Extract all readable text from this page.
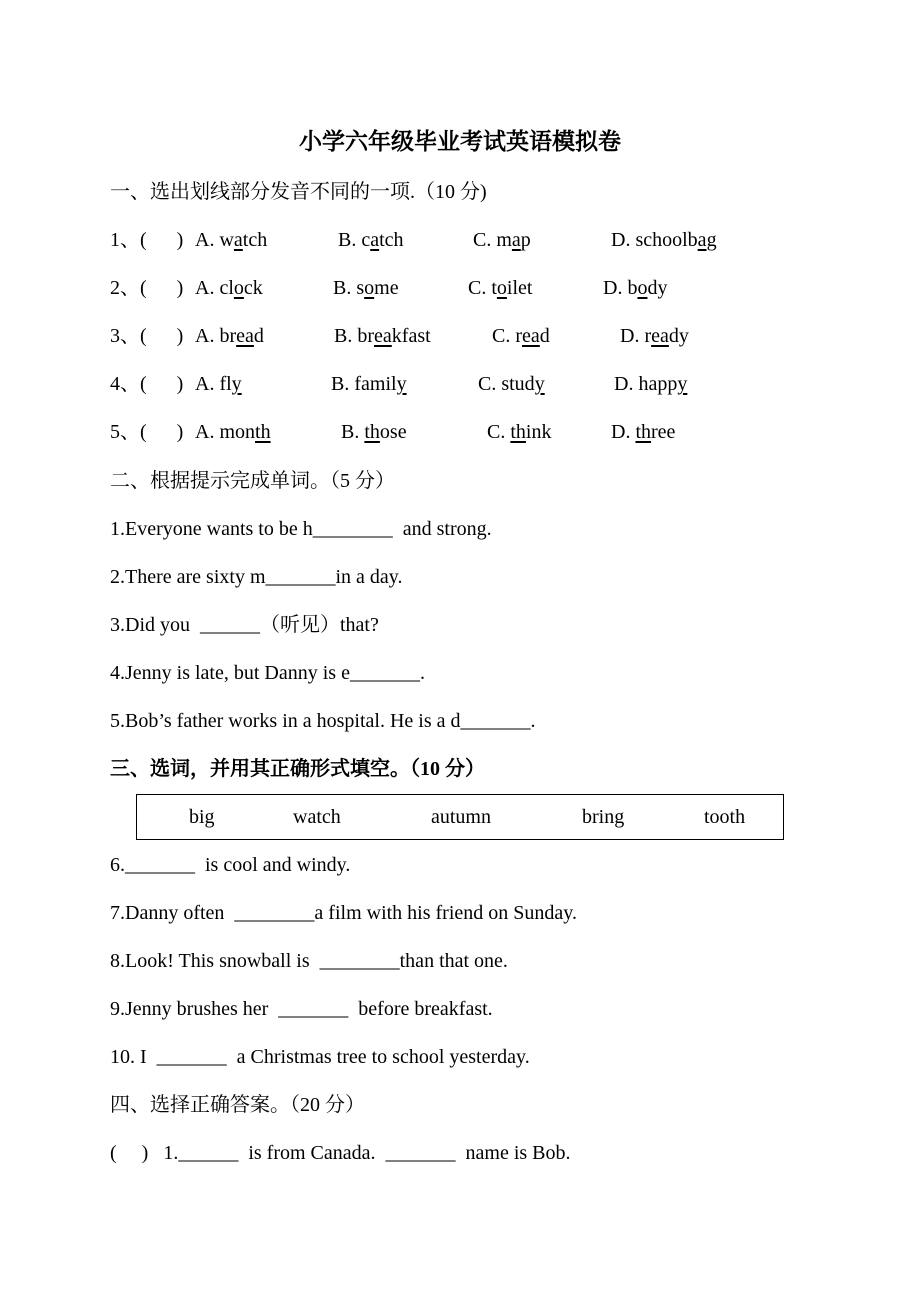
小学六年级毕业考试英语模拟卷
一、选出划线部分发音不同的一项.（10 分)
1、(      ) A. watch	B. catch	C. map	D. schoolbag
2、(      ) A. clock	B. some	C. toilet	D. body
3、(      ) A. bread	B. breakfast	C. read	D. ready
4、(      ) A. fly	B. family	C. study	D. happy
5、(      ) A. month	B. those	C. think	D. three
二、根据提示完成单词。（5 分）
1.Everyone wants to be h________  and strong.
2.There are sixty m_______in a day.
3.Did you  ______（听见）that?
4.Jenny is late, but Danny is e_______.
5.Bob’s father works in a hospital. He is a d_______.
三、选词，并用其正确形式填空。（10 分）
big	watch	autumn	bring	tooth
6._______  is cool and windy.
7.Danny often  ________a film with his friend on Sunday.
8.Look! This snowball is  ________than that one.
9.Jenny brushes her  _______  before breakfast.
10. I  _______  a Christmas tree to school yesterday.
四、选择正确答案。（20 分）
(     )   1.______  is from Canada.  _______  name is Bob.
